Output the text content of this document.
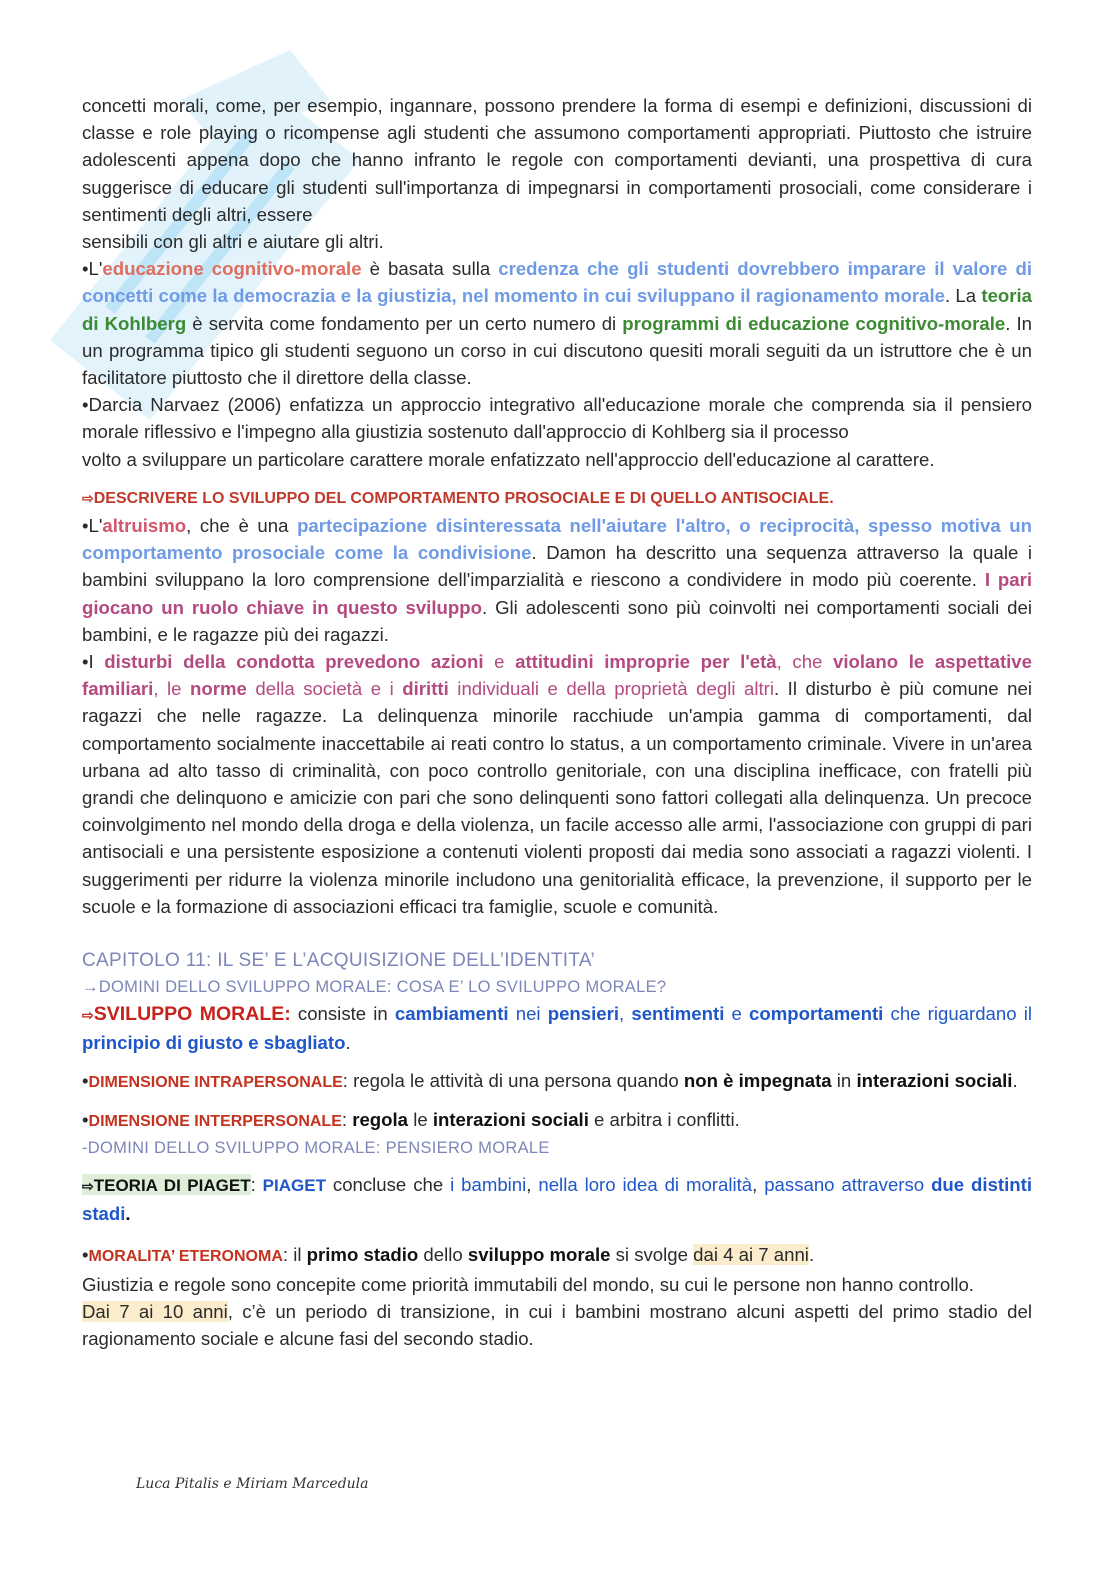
concetti morali, come, per esempio, ingannare, possono prendere la forma di esempi e definizioni, discussioni di classe e role playing o ricompense agli studenti che assumono comportamenti appropriati. Piuttosto che istruire adolescenti appena dopo che hanno infranto le regole con comportamenti devianti, una prospettiva di cura suggerisce di educare gli studenti sull'importanza di impegnarsi in comportamenti prosociali, come considerare i sentimenti degli altri, essere
sensibili con gli altri e aiutare gli altri.

•L'educazione cognitivo-morale è basata sulla credenza che gli studenti dovrebbero imparare il valore di concetti come la democrazia e la giustizia, nel momento in cui sviluppano il ragionamento morale. La teoria di Kohlberg è servita come fondamento per un certo numero di programmi di educazione cognitivo-morale. In un programma tipico gli studenti seguono un corso in cui discutono quesiti morali seguiti da un istruttore che è un facilitatore piuttosto che il direttore della classe.

•Darcia Narvaez (2006) enfatizza un approccio integrativo all'educazione morale che comprenda sia il pensiero morale riflessivo e l'impegno alla giustizia sostenuto dall'approccio di Kohlberg sia il processo
volto a sviluppare un particolare carattere morale enfatizzato nell'approccio dell'educazione al carattere.

⇨DESCRIVERE LO SVILUPPO DEL COMPORTAMENTO PROSOCIALE E DI QUELLO ANTISOCIALE.

•L'altruismo, che è una partecipazione disinteressata nell'aiutare l'altro, o reciprocità, spesso motiva un comportamento prosociale come la condivisione. Damon ha descritto una sequenza attraverso la quale i bambini sviluppano la loro comprensione dell'imparzialità e riescono a condividere in modo più coerente. I pari giocano un ruolo chiave in questo sviluppo. Gli adolescenti sono più coinvolti nei comportamenti sociali dei bambini, e le ragazze più dei ragazzi.

•I disturbi della condotta prevedono azioni e attitudini improprie per l'età, che violano le aspettative familiari, le norme della società e i diritti individuali e della proprietà degli altri. Il disturbo è più comune nei ragazzi che nelle ragazze. La delinquenza minorile racchiude un'ampia gamma di comportamenti, dal comportamento socialmente inaccettabile ai reati contro lo status, a un comportamento criminale. Vivere in un'area urbana ad alto tasso di criminalità, con poco controllo genitoriale, con una disciplina inefficace, con fratelli più grandi che delinquono e amicizie con pari che sono delinquenti sono fattori collegati alla delinquenza. Un precoce coinvolgimento nel mondo della droga e della violenza, un facile accesso alle armi, l'associazione con gruppi di pari antisociali e una persistente esposizione a contenuti violenti proposti dai media sono associati a ragazzi violenti. I suggerimenti per ridurre la violenza minorile includono una genitorialità efficace, la prevenzione, il supporto per le scuole e la formazione di associazioni efficaci tra famiglie, scuole e comunità.

CAPITOLO 11: IL SE’ E L’ACQUISIZIONE DELL’IDENTITA’
→DOMINI DELLO SVILUPPO MORALE: COSA E’ LO SVILUPPO MORALE?

⇨SVILUPPO MORALE: consiste in cambiamenti nei pensieri, sentimenti e comportamenti che riguardano il principio di giusto e sbagliato.

•DIMENSIONE INTRAPERSONALE: regola le attività di una persona quando non è impegnata in interazioni sociali.

•DIMENSIONE INTERPERSONALE: regola le interazioni sociali e arbitra i conflitti.

-DOMINI DELLO SVILUPPO MORALE: PENSIERO MORALE

⇨TEORIA DI PIAGET: PIAGET concluse che i bambini, nella loro idea di moralità, passano attraverso due distinti stadi.

•MORALITA’ ETERONOMA: il primo stadio dello sviluppo morale si svolge dai 4 ai 7 anni.

Giustizia e regole sono concepite come priorità immutabili del mondo, su cui le persone non hanno controllo.

Dai 7 ai 10 anni, c’è un periodo di transizione, in cui i bambini mostrano alcuni aspetti del primo stadio del ragionamento sociale e alcune fasi del secondo stadio.

Luca Pitalis e Miriam Marcedula
